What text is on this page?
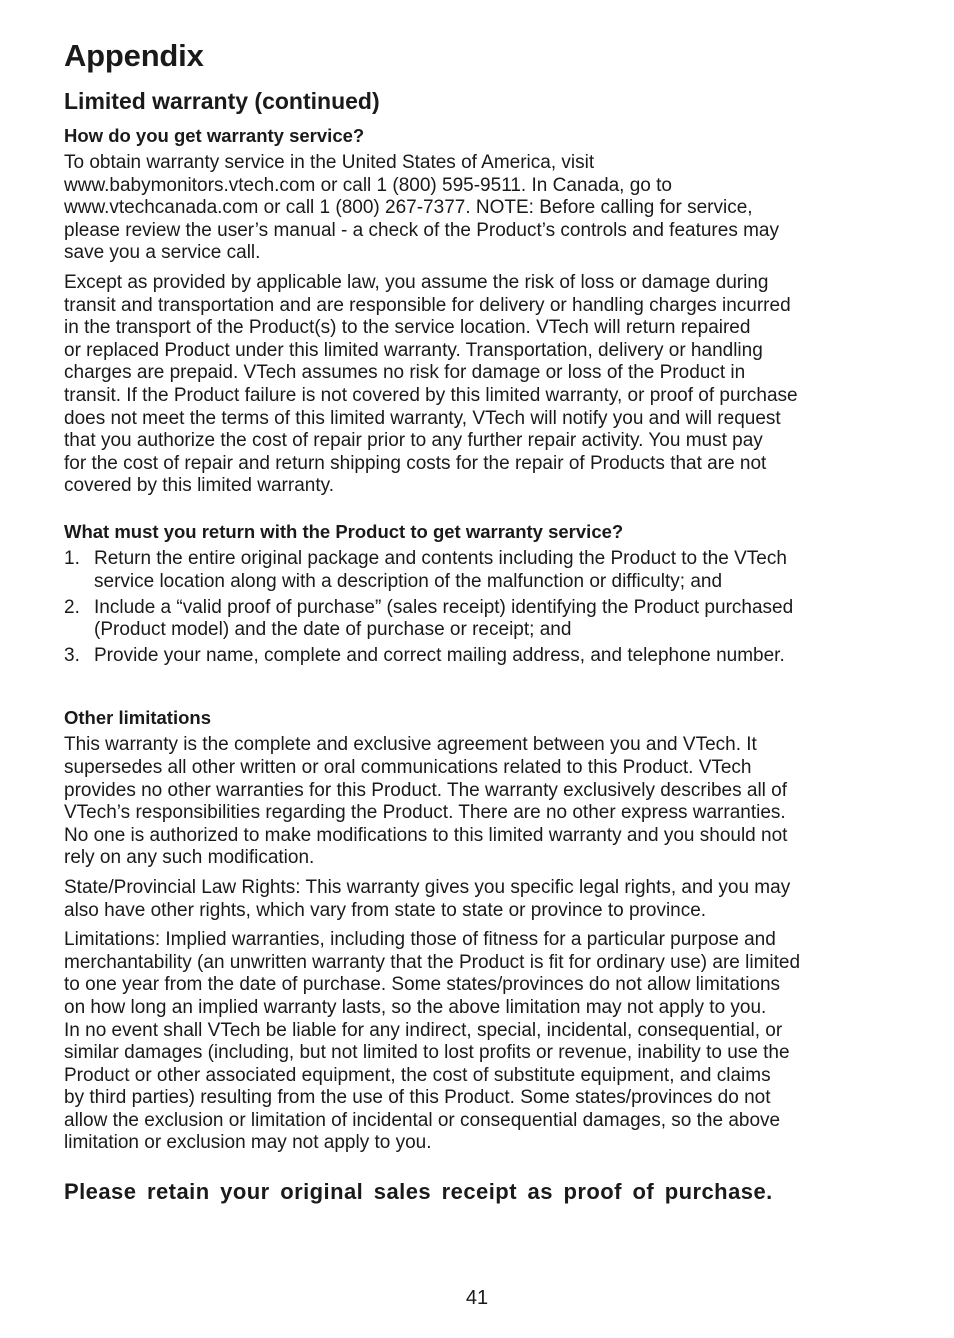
Appendix
Limited warranty (continued)
How do you get warranty service?

To obtain warranty service in the United States of America, visit
www.babymonitors.vtech.com or call 1 (800) 595-9511. In Canada, go to
www.vtechcanada.com or call 1 (800) 267-7377. NOTE: Before calling for service,
please review the user’s manual - a check of the Product’s controls and features may
save you a service call.

Except as provided by applicable law, you assume the risk of loss or damage during
transit and transportation and are responsible for delivery or handling charges incurred
in the transport of the Product(s) to the service location. VTech will return repaired
or replaced Product under this limited warranty. Transportation, delivery or handling
charges are prepaid. VTech assumes no risk for damage or loss of the Product in
transit. If the Product failure is not covered by this limited warranty, or proof of purchase
does not meet the terms of this limited warranty, VTech will notify you and will request
that you authorize the cost of repair prior to any further repair activity. You must pay
for the cost of repair and return shipping costs for the repair of Products that are not
covered by this limited warranty.

What must you return with the Product to get warranty service?
1. Return the entire original package and contents including the Product to the VTech
service location along with a description of the malfunction or difficulty; and
2. Include a “valid proof of purchase” (sales receipt) identifying the Product purchased
(Product model) and the date of purchase or receipt; and
3. Provide your name, complete and correct mailing address, and telephone number.
Other limitations

This warranty is the complete and exclusive agreement between you and VTech. It
supersedes all other written or oral communications related to this Product. VTech
provides no other warranties for this Product. The warranty exclusively describes all of
VTech’s responsibilities regarding the Product. There are no other express warranties.
No one is authorized to make modifications to this limited warranty and you should not
rely on any such modification.

State/Provincial Law Rights: This warranty gives you specific legal rights, and you may
also have other rights, which vary from state to state or province to province.

Limitations: Implied warranties, including those of fitness for a particular purpose and
merchantability (an unwritten warranty that the Product is fit for ordinary use) are limited
to one year from the date of purchase. Some states/provinces do not allow limitations
on how long an implied warranty lasts, so the above limitation may not apply to you.
In no event shall VTech be liable for any indirect, special, incidental, consequential, or
similar damages (including, but not limited to lost profits or revenue, inability to use the
Product or other associated equipment, the cost of substitute equipment, and claims
by third parties) resulting from the use of this Product. Some states/provinces do not
allow the exclusion or limitation of incidental or consequential damages, so the above
limitation or exclusion may not apply to you.

Please retain your original sales receipt as proof of purchase.

41
